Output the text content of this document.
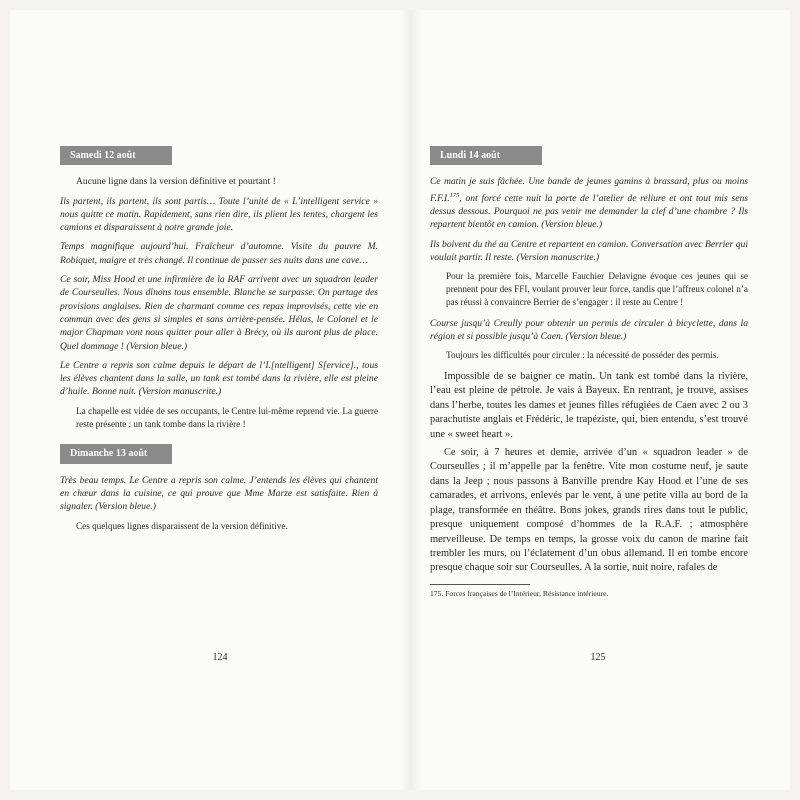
Samedi 12 août

Aucune ligne dans la version définitive et pourtant !

Ils partent, ils partent, ils sont partis… Toute l’unité de « L’intelligent service » nous quitte ce matin. Rapidement, sans rien dire, ils plient les tentes, chargent les camions et disparaissent à notre grande joie.

Temps magnifique aujourd’hui. Fraîcheur d’automne. Visite du pauvre M. Robiquet, maigre et très changé. Il continue de passer ses nuits dans une cave…

Ce soir, Miss Hood et une infirmière de la RAF arrivent avec un squadron leader de Courseulles. Nous dînons tous ensemble. Blanche se surpasse. On partage des provisions anglaises. Rien de charmant comme ces repas improvisés, cette vie en commun avec des gens si simples et sans arrière-pensée. Hélas, le Colonel et le major Chapman vont nous quitter pour aller à Brécy, où ils auront plus de place. Quel dommage ! (Version bleue.)

Le Centre a repris son calme depuis le départ de l’I.[ntelligent] S[ervice]., tous les élèves chantent dans la salle, un tank est tombé dans la rivière, elle est pleine d’huile. Bonne nuit. (Version manuscrite.)

La chapelle est vidée de ses occupants, le Centre lui-même reprend vie. La guerre reste présente : un tank tombe dans la rivière !

Dimanche 13 août

Très beau temps. Le Centre a repris son calme. J’entends les élèves qui chantent en chœur dans la cuisine, ce qui prouve que Mme Marze est satisfaite. Rien à signaler. (Version bleue.)

Ces quelques lignes disparaissent de la version définitive.

124
Lundi 14 août

Ce matin je suis fâchée. Une bande de jeunes gamins à brassard, plus ou moins F.F.I.$^{175}$, ont forcé cette nuit la porte de l’atelier de reliure et ont tout mis sens dessus dessous. Pourquoi ne pas venir me demander la clef d’une chambre ? Ils repartent bientôt en camion. (Version bleue.)

Ils boivent du thé au Centre et repartent en camion. Conversation avec Berrier qui voulait partir. Il reste. (Version manuscrite.)

Pour la première fois, Marcelle Fauchier Delavigne évoque ces jeunes qui se prennent pour des FFI, voulant prouver leur force, tandis que l’affreux colonel n’a pas réussi à convaincre Berrier de s’engager : il reste au Centre !

Course jusqu’à Creully pour obtenir un permis de circuler à bicyclette, dans la région et si possible jusqu’à Caen. (Version bleue.)

Toujours les difficultés pour circuler : la nécessité de posséder des permis.

Impossible de se baigner ce matin. Un tank est tombé dans la rivière, l’eau est pleine de pétrole. Je vais à Bayeux. En rentrant, je trouve, assises dans l’herbe, toutes les dames et jeunes filles réfugiées de Caen avec 2 ou 3 parachutiste anglais et Frédéric, le trapéziste, qui, bien entendu, s’est trouvé une « sweet heart ».

Ce soir, à 7 heures et demie, arrivée d’un « squadron leader » de Courseulles ; il m’appelle par la fenêtre. Vite mon costume neuf, je saute dans la Jeep ; nous passons à Banville prendre Kay Hood et l’une de ses camarades, et arrivons, enlevés par le vent, à une petite villa au bord de la plage, transformée en théâtre. Bons jokes, grands rires dans tout le public, presque uniquement composé d’hommes de la R.A.F. ; atmosphère merveilleuse. De temps en temps, la grosse voix du canon de marine fait trembler les murs, ou l’éclatement d’un obus allemand. Il en tombe encore presque chaque soir sur Courseulles. A la sortie, nuit noire, rafales de

175. Forces françaises de l’Intérieur, Résistance intérieure.
125
